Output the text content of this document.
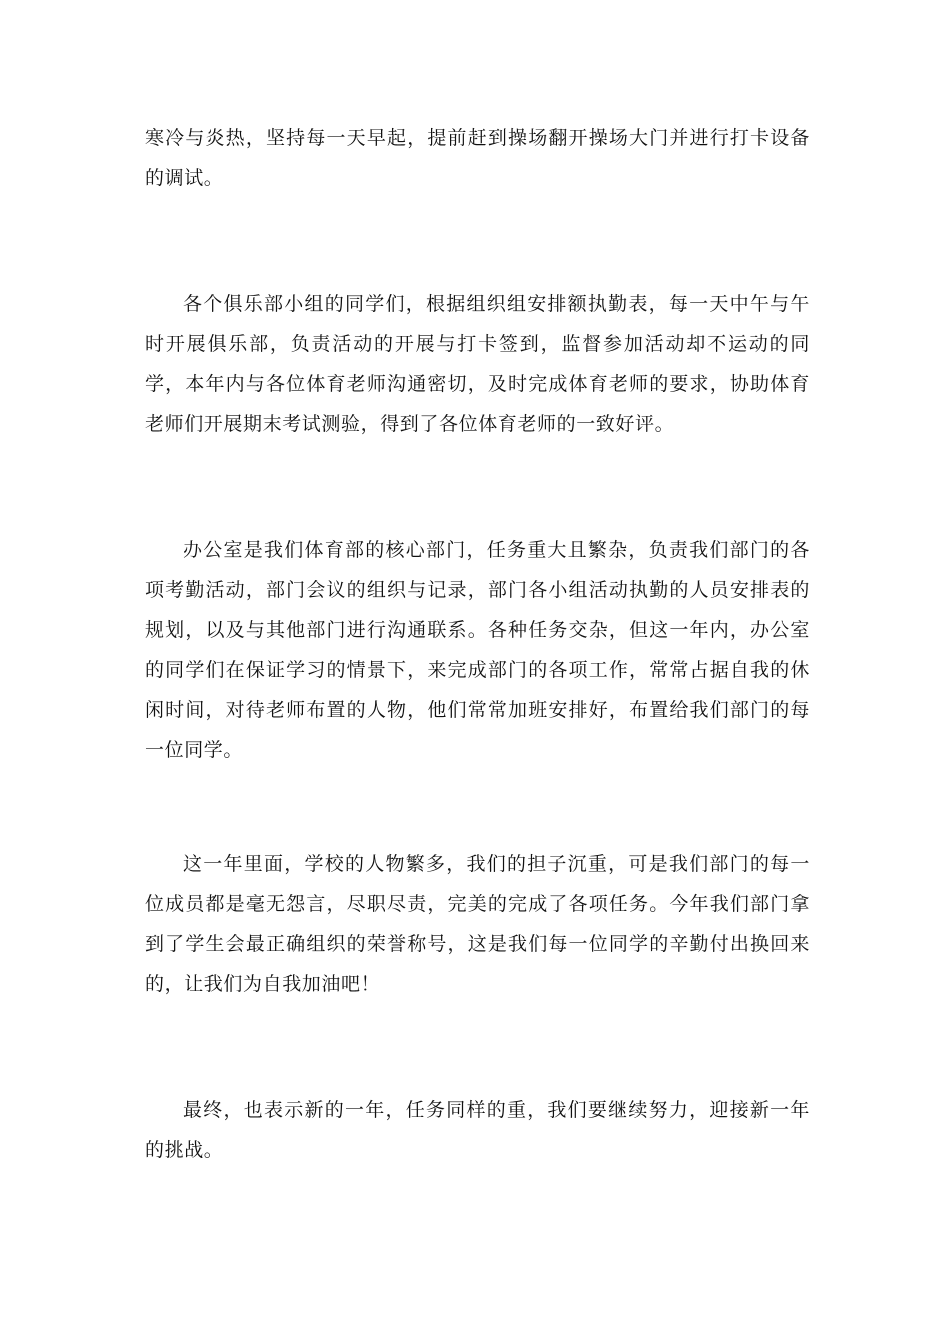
寒冷与炎热，坚持每一天早起，提前赶到操场翻开操场大门并进行打卡设备的调试。

各个俱乐部小组的同学们，根据组织组安排额执勤表，每一天中午与午时开展俱乐部，负责活动的开展与打卡签到，监督参加活动却不运动的同学，本年内与各位体育老师沟通密切，及时完成体育老师的要求，协助体育老师们开展期末考试测验，得到了各位体育老师的一致好评。

办公室是我们体育部的核心部门，任务重大且繁杂，负责我们部门的各项考勤活动，部门会议的组织与记录，部门各小组活动执勤的人员安排表的规划，以及与其他部门进行沟通联系。各种任务交杂，但这一年内，办公室的同学们在保证学习的情景下，来完成部门的各项工作，常常占据自我的休闲时间，对待老师布置的人物，他们常常加班安排好，布置给我们部门的每一位同学。

这一年里面，学校的人物繁多，我们的担子沉重，可是我们部门的每一位成员都是毫无怨言，尽职尽责，完美的完成了各项任务。今年我们部门拿到了学生会最正确组织的荣誉称号，这是我们每一位同学的辛勤付出换回来的，让我们为自我加油吧！

最终，也表示新的一年，任务同样的重，我们要继续努力，迎接新一年的挑战。
